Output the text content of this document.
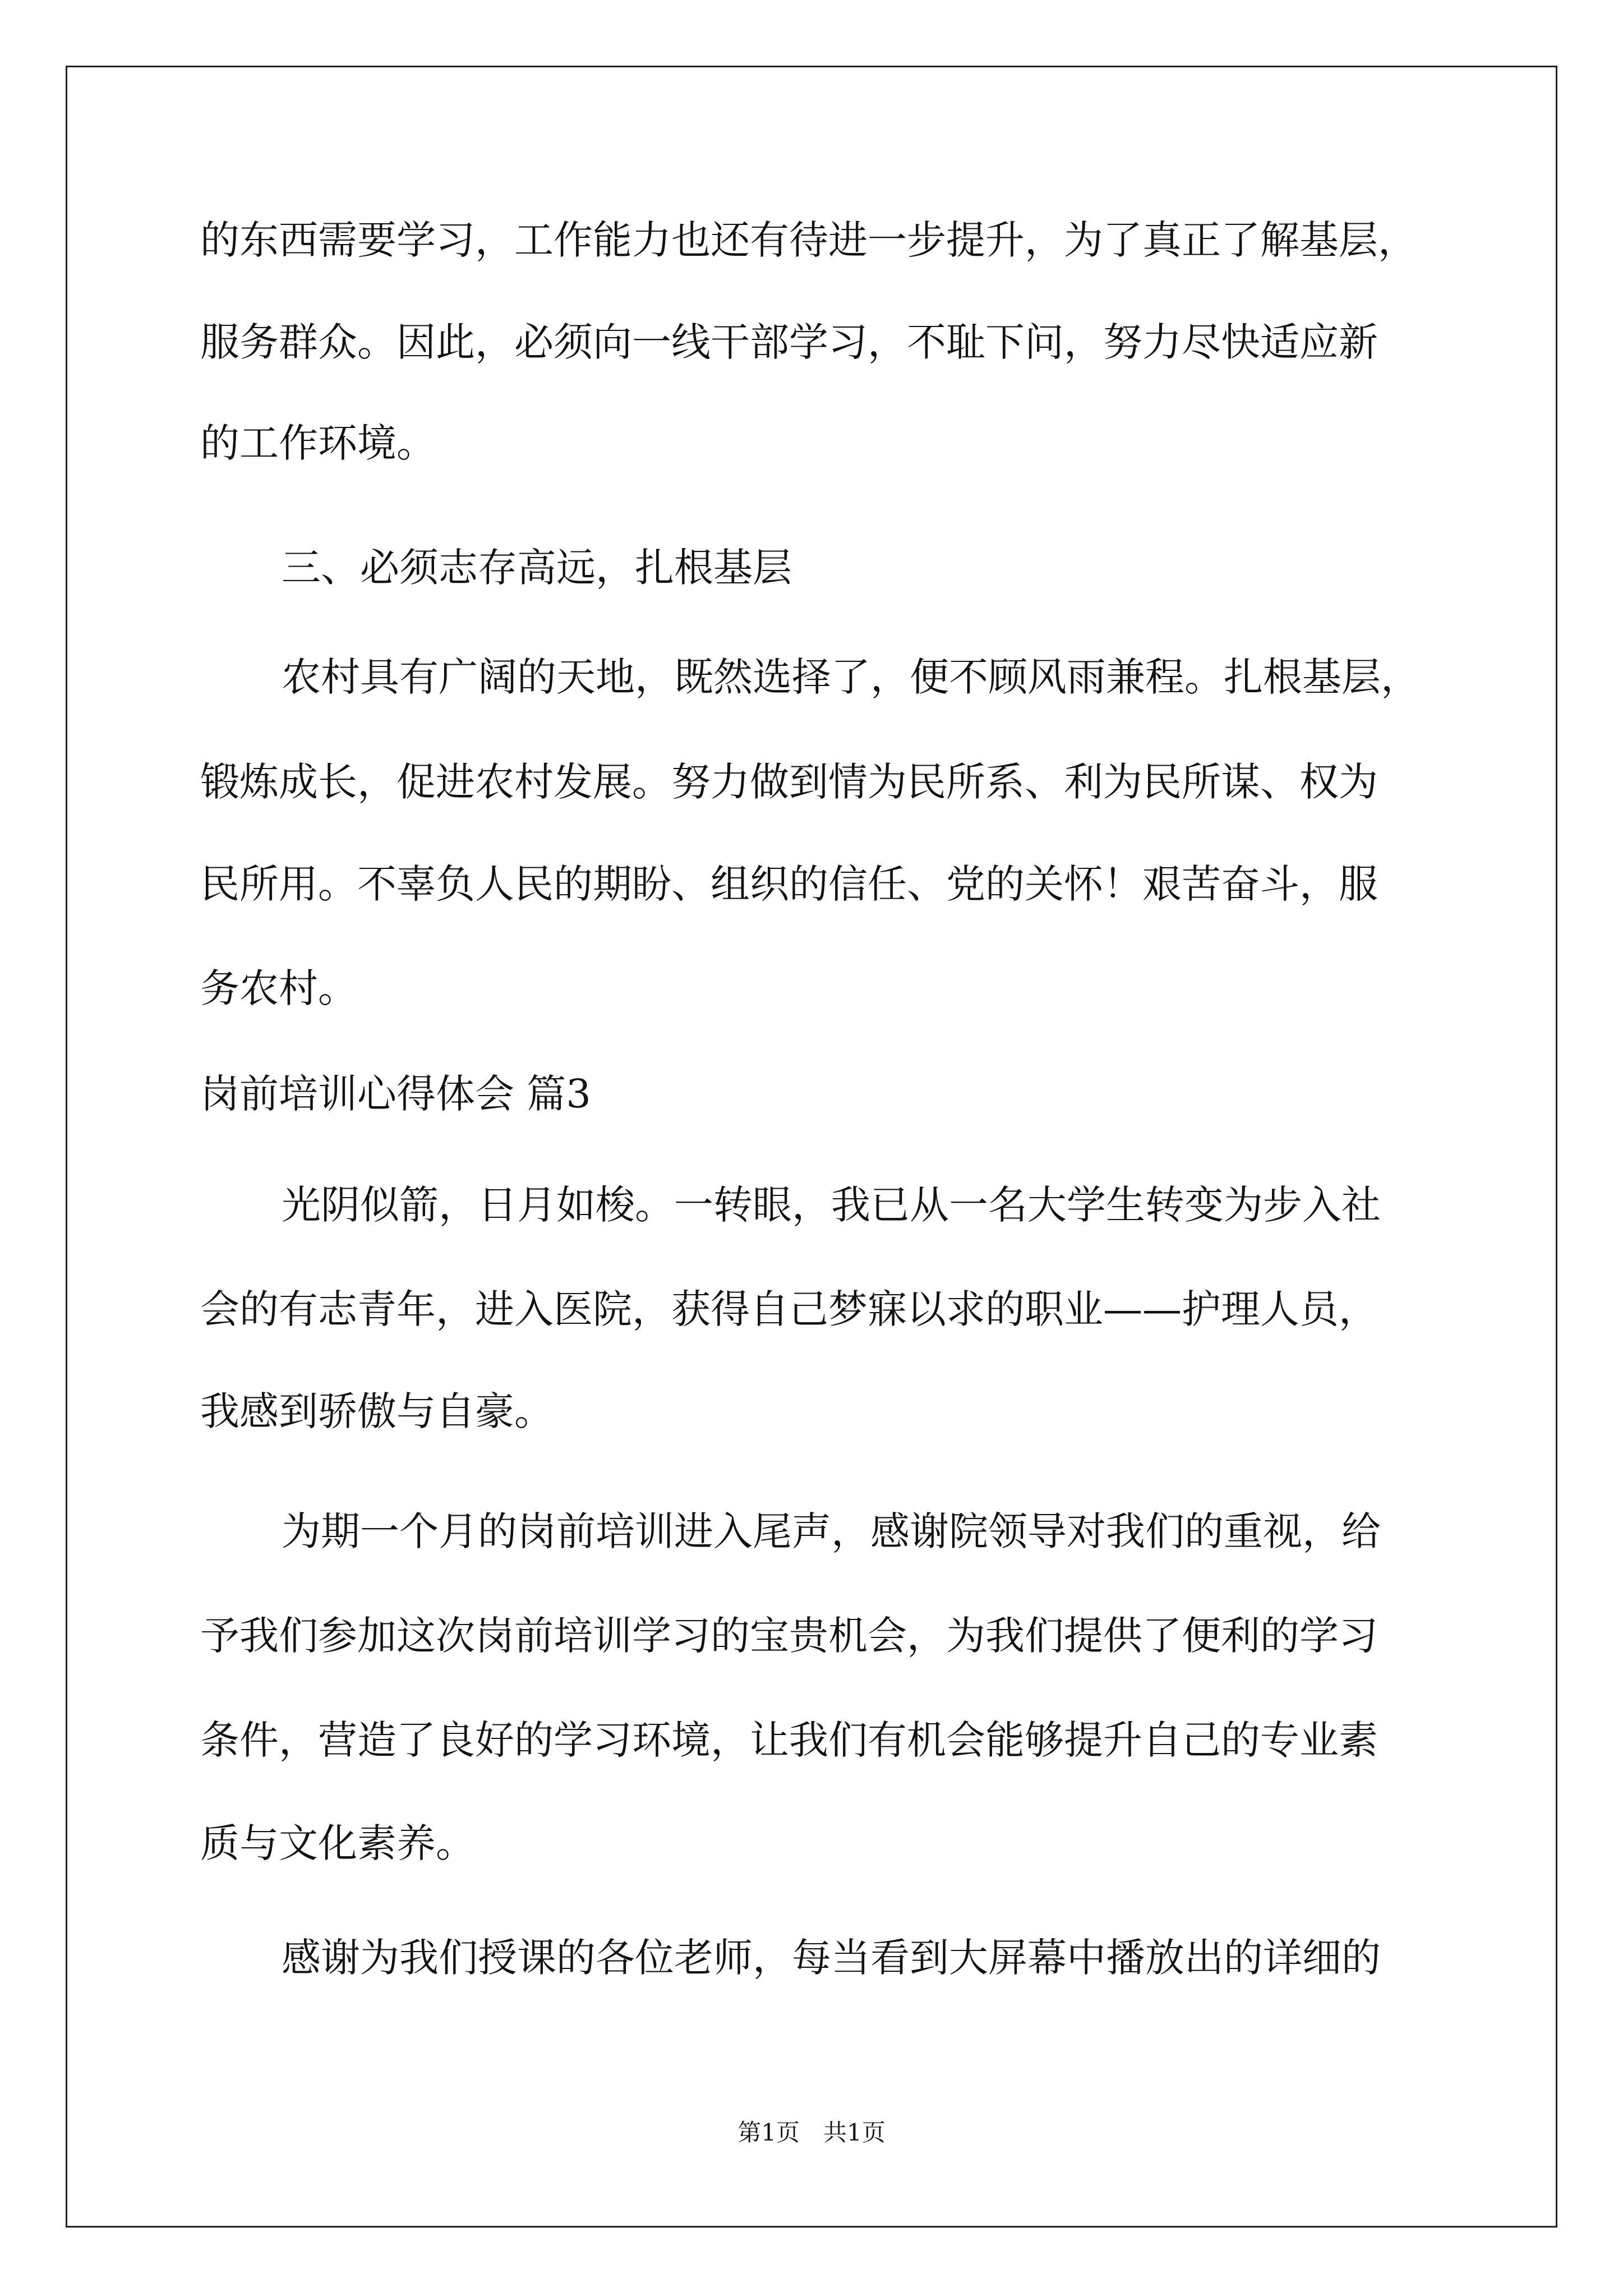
的东西需要学习，工作能力也还有待进一步提升，为了真正了解基层，
服务群众。因此，必须向一线干部学习，不耻下问，努力尽快适应新
的工作环境。
三、必须志存高远，扎根基层
农村具有广阔的天地，既然选择了，便不顾风雨兼程。扎根基层，
锻炼成长，促进农村发展。努力做到情为民所系、利为民所谋、权为
民所用。不辜负人民的期盼、组织的信任、党的关怀！艰苦奋斗，服
务农村。
岗前培训心得体会 篇3
光阴似箭，日月如梭。一转眼，我已从一名大学生转变为步入社
会的有志青年，进入医院，获得自己梦寐以求的职业——护理人员，
我感到骄傲与自豪。
为期一个月的岗前培训进入尾声，感谢院领导对我们的重视，给
予我们参加这次岗前培训学习的宝贵机会，为我们提供了便利的学习
条件，营造了良好的学习环境，让我们有机会能够提升自己的专业素
质与文化素养。
感谢为我们授课的各位老师，每当看到大屏幕中播放出的详细的
第1页　共1页
